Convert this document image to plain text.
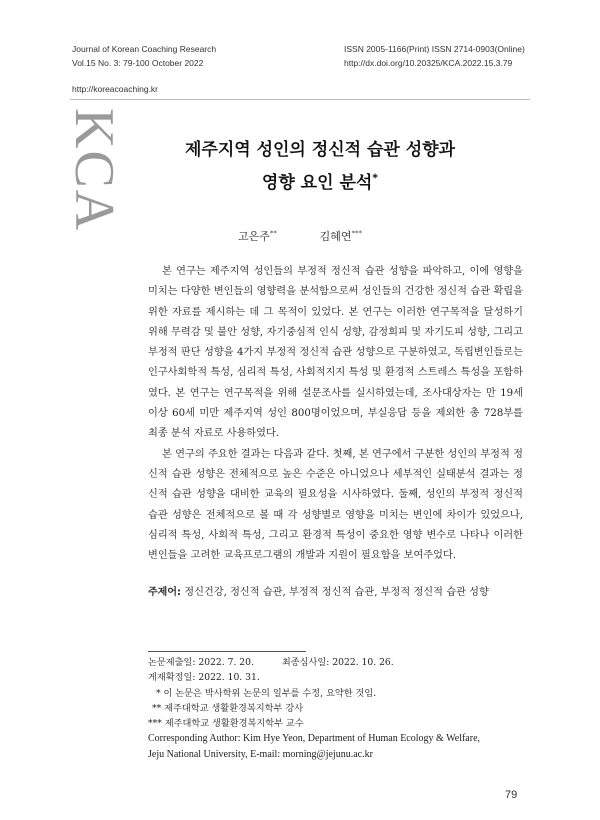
Journal of Korean Coaching Research
Vol.15 No. 3: 79-100 October 2022
ISSN 2005-1166(Print) ISSN 2714-0903(Online)
http://dx.doi.org/10.20325/KCA.2022.15.3.79
http://koreacoaching.kr
KCA	제주지역 성인의 정신적 습관 성향과
영향 요인 분석*
고은주**	김혜연***

본 연구는 제주지역 성인들의 부정적 정신적 습관 성향을 파악하고, 이에 영향을 미치는 다양한 변인들의 영향력을 분석함으로써 성인들의 건강한 정신적 습관 확립을 위한 자료를 제시하는 데 그 목적이 있었다. 본 연구는 이러한 연구목적을 달성하기 위해 무력감 및 불안 성향, 자기중심적 인식 성향, 감정회피 및 자기도피 성향, 그리고 부정적 판단 성향을 4가지 부정적 정신적 습관 성향으로 구분하였고, 독립변인들로는 인구사회학적 특성, 심리적 특성, 사회적지지 특성 및 환경적 스트레스 특성을 포함하였다. 본 연구는 연구목적을 위해 설문조사를 실시하였는데, 조사대상자는 만 19세 이상 60세 미만 제주지역 성인 800명이었으며, 부실응답 등을 제외한 총 728부를 최종 분석 자료로 사용하였다.

본 연구의 주요한 결과는 다음과 같다. 첫째, 본 연구에서 구분한 성인의 부정적 정신적 습관 성향은 전체적으로 높은 수준은 아니었으나 세부적인 실태분석 결과는 정신적 습관 성향을 대비한 교육의 필요성을 시사하였다. 둘째, 성인의 부정적 정신적 습관 성향은 전체적으로 볼 때 각 성향별로 영향을 미치는 변인에 차이가 있었으나, 심리적 특성, 사회적 특성, 그리고 환경적 특성이 중요한 영향 변수로 나타나 이러한 변인들을 고려한 교육프로그램의 개발과 지원이 필요함을 보여주었다.

주제어: 정신건강, 정신적 습관, 부정적 정신적 습관, 부정적 정신적 습관 성향
논문제출일: 2022. 7. 20.	최종심사일: 2022. 10. 26.게재확정일: 2022. 10. 31.
* 이 논문은 박사학위 논문의 일부를 수정, 요약한 것임.
** 제주대학교 생활환경복지학부 강사
*** 제주대학교 생활환경복지학부 교수
Corresponding Author: Kim Hye Yeon, Department of Human Ecology & Welfare,
Jeju National University, E-mail: morning@jejunu.ac.kr
79
